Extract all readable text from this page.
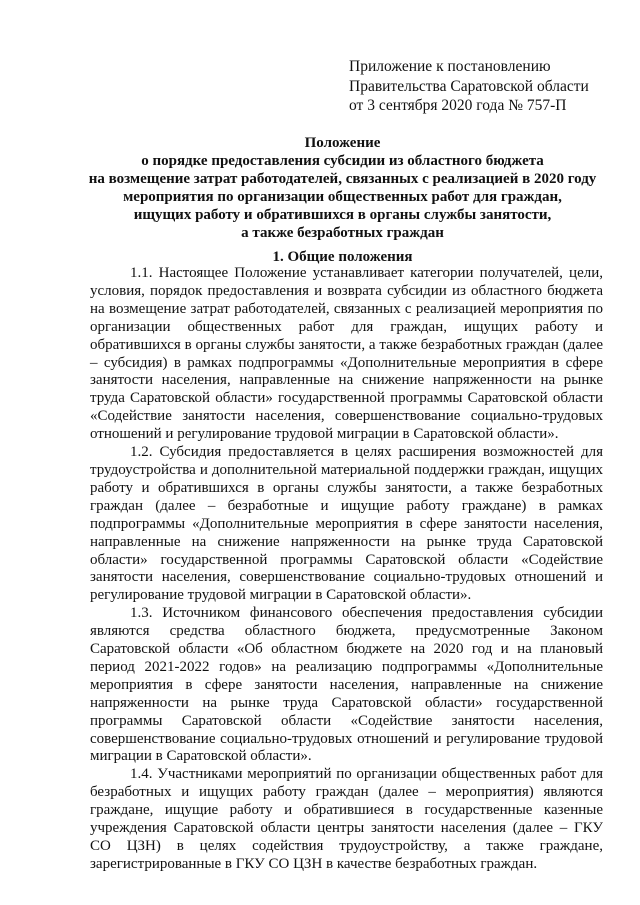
Приложение к постановлению
Правительства Саратовской области
от 3 сентября 2020 года № 757-П
Положение
о порядке предоставления субсидии из областного бюджета
на возмещение затрат работодателей, связанных с реализацией в 2020 году
мероприятия по организации общественных работ для граждан,
ищущих работу и обратившихся в органы службы занятости,
а также безработных граждан
1. Общие положения

1.1. Настоящее Положение устанавливает категории получателей, цели, условия, порядок предоставления и возврата субсидии из областного бюджета на возмещение затрат работодателей, связанных с реализацией мероприятия по организации общественных работ для граждан, ищущих работу и обратившихся в органы службы занятости, а также безработных граждан (далее – субсидия) в рамках подпрограммы «Дополнительные мероприятия в сфере занятости населения, направленные на снижение напряженности на рынке труда Саратовской области» государственной программы Саратовской области «Содействие занятости населения, совершенствование социально-трудовых отношений и регулирование трудовой миграции в Саратовской области».

1.2. Субсидия предоставляется в целях расширения возможностей для трудоустройства и дополнительной материальной поддержки граждан, ищущих работу и обратившихся в органы службы занятости, а также безработных граждан (далее – безработные и ищущие работу граждане) в рамках подпрограммы «Дополнительные мероприятия в сфере занятости населения, направленные на снижение напряженности на рынке труда Саратовской области» государственной программы Саратовской области «Содействие занятости населения, совершенствование социально-трудовых отношений и регулирование трудовой миграции в Саратовской области».

1.3. Источником финансового обеспечения предоставления субсидии являются средства областного бюджета, предусмотренные Законом Саратовской области «Об областном бюджете на 2020 год и на плановый период 2021-2022 годов» на реализацию подпрограммы «Дополнительные мероприятия в сфере занятости населения, направленные на снижение напряженности на рынке труда Саратовской области» государственной программы Саратовской области «Содействие занятости населения, совершенствование социально-трудовых отношений и регулирование трудовой миграции в Саратовской области».

1.4. Участниками мероприятий по организации общественных работ для безработных и ищущих работу граждан (далее – мероприятия) являются граждане, ищущие работу и обратившиеся в государственные казенные учреждения Саратовской области центры занятости населения (далее – ГКУ СО ЦЗН) в целях содействия трудоустройству, а также граждане, зарегистрированные в ГКУ СО ЦЗН в качестве безработных граждан.
